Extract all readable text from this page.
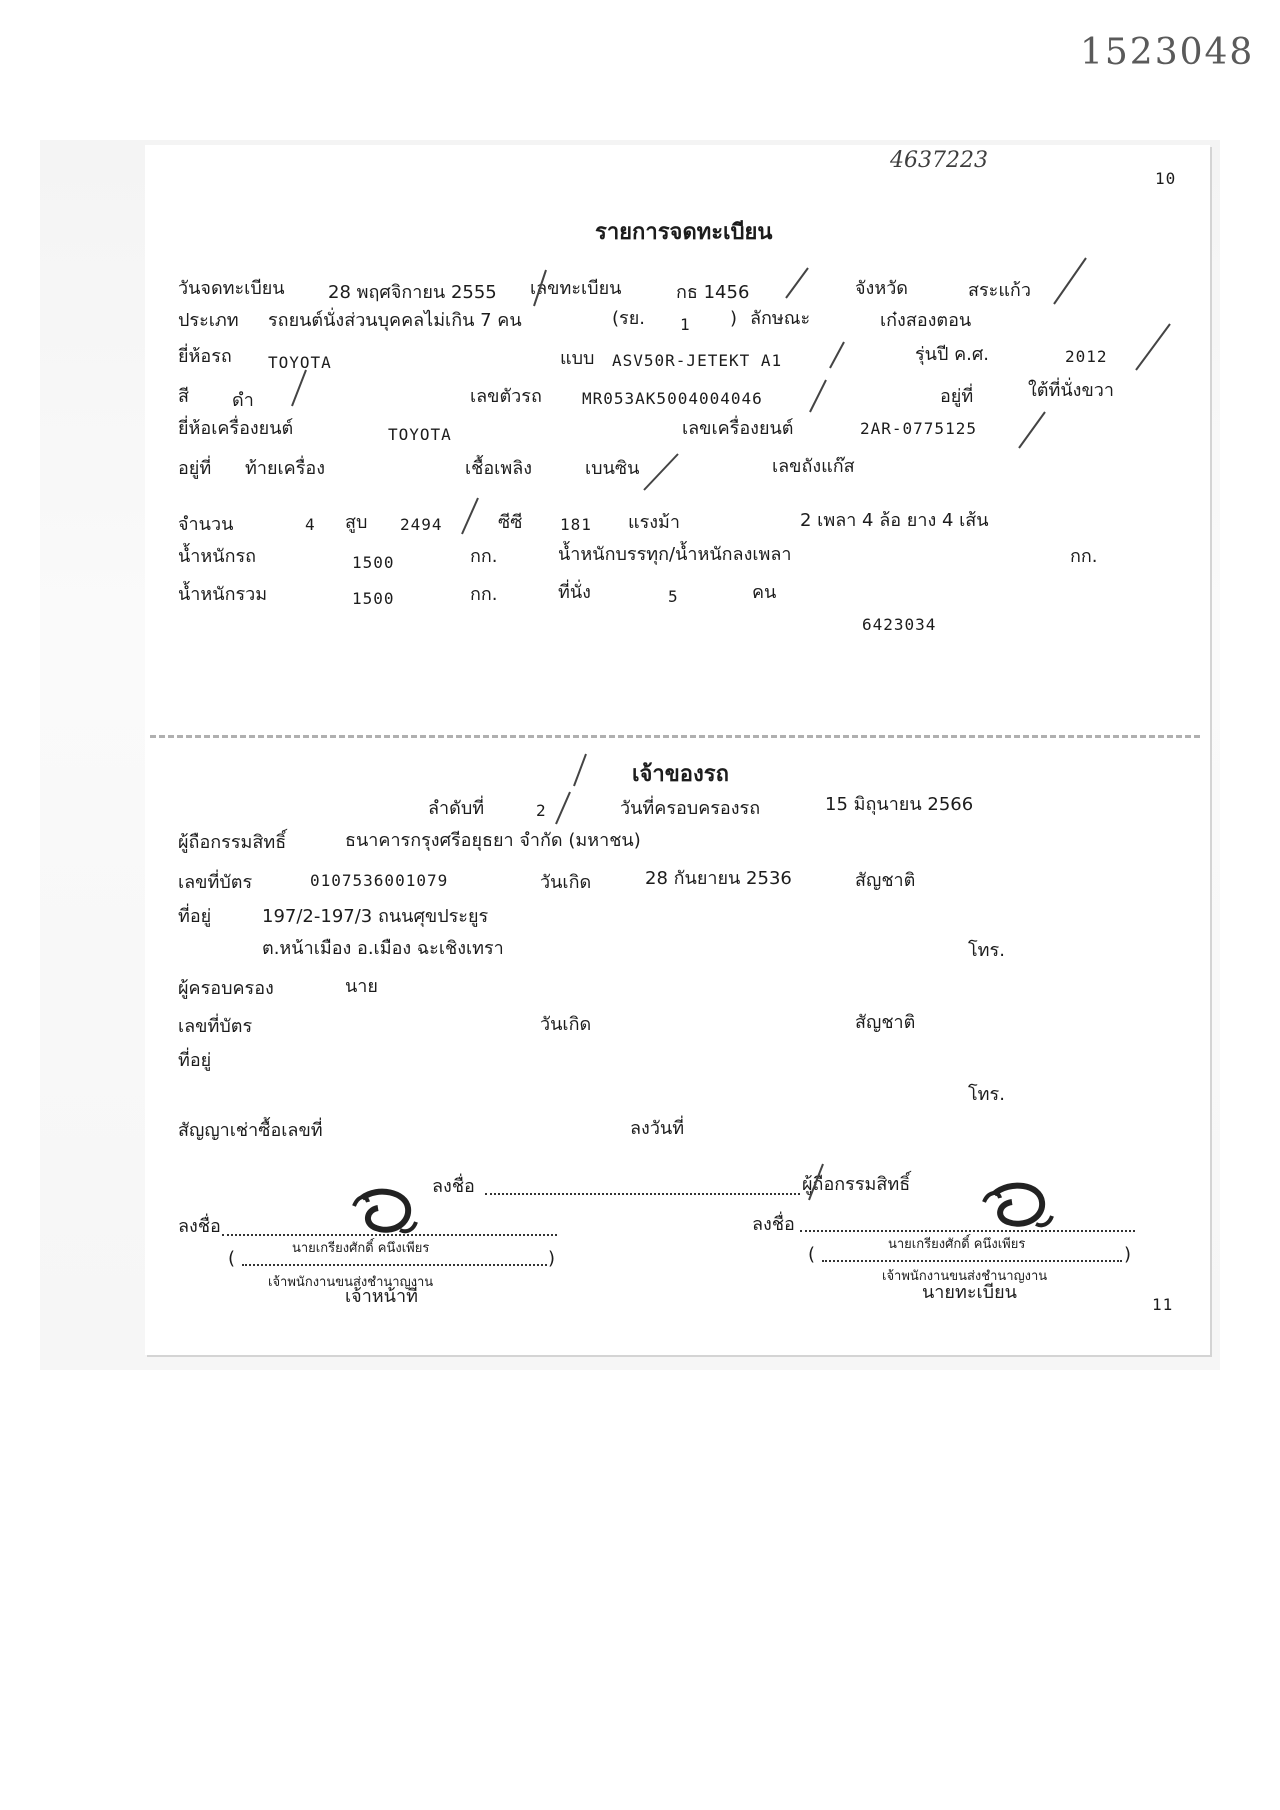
1523048
4637223
10
รายการจดทะเบียน
วันจดทะเบียน 28 พฤศจิกายน 2555 เลขทะเบียน	กธ 1456	จังหวัด	สระแก้ว
ประเภท รถยนต์นั่งส่วนบุคคลไม่เกิน 7 คน	(รย. 1 ) ลักษณะ	เก๋งสองตอน
ยี่ห้อรถ TOYOTA	แบบ ASV50R-JETEKT A1	รุ่นปี ค.ศ.	2012
สี ดำ	เลขตัวรถ	MR053AK5004004046	อยู่ที่	ใต้ที่นั่งขวา
ยี่ห้อเครื่องยนต์	TOYOTA	เลขเครื่องยนต์	2AR-0775125
อยู่ที่ ท้ายเครื่อง	เชื้อเพลิง	เบนซิน	เลขถังแก๊ส
จำนวน	4 สูบ 2494	ซีซี 181 แรงม้า	2 เพลา 4 ล้อ ยาง 4 เส้น
น้ำหนักรถ	1500	กก.	น้ำหนักบรรทุก/น้ำหนักลงเพลา	กก.
น้ำหนักรวม	1500	กก.	ที่นั่ง	5	คน
6423034
เจ้าของรถ
ลำดับที่	2	วันที่ครอบครองรถ	15 มิถุนายน 2566
ผู้ถือกรรมสิทธิ์	ธนาคารกรุงศรีอยุธยา จำกัด (มหาชน)
เลขที่บัตร	0107536001079	วันเกิด	28 กันยายน 2536	สัญชาติ
ที่อยู่	197/2-197/3 ถนนศุขประยูร
ต.หน้าเมือง อ.เมือง ฉะเชิงเทรา	โทร.
ผู้ครอบครอง	นาย
เลขที่บัตร	วันเกิด	สัญชาติ
ที่อยู่
โทร.
สัญญาเช่าซื้อเลขที่	ลงวันที่
ลงชื่อ	ผู้ถือกรรมสิทธิ์
ลงชื่อ
นายเกรียงศักดิ์ คนึงเพียร
(	)
เจ้าพนักงานขนส่งชำนาญงาน
เจ้าหน้าที่
ลงชื่อ
นายเกรียงศักดิ์ คนึงเพียร
(	)
เจ้าพนักงานขนส่งชำนาญงาน
นายทะเบียน
11
